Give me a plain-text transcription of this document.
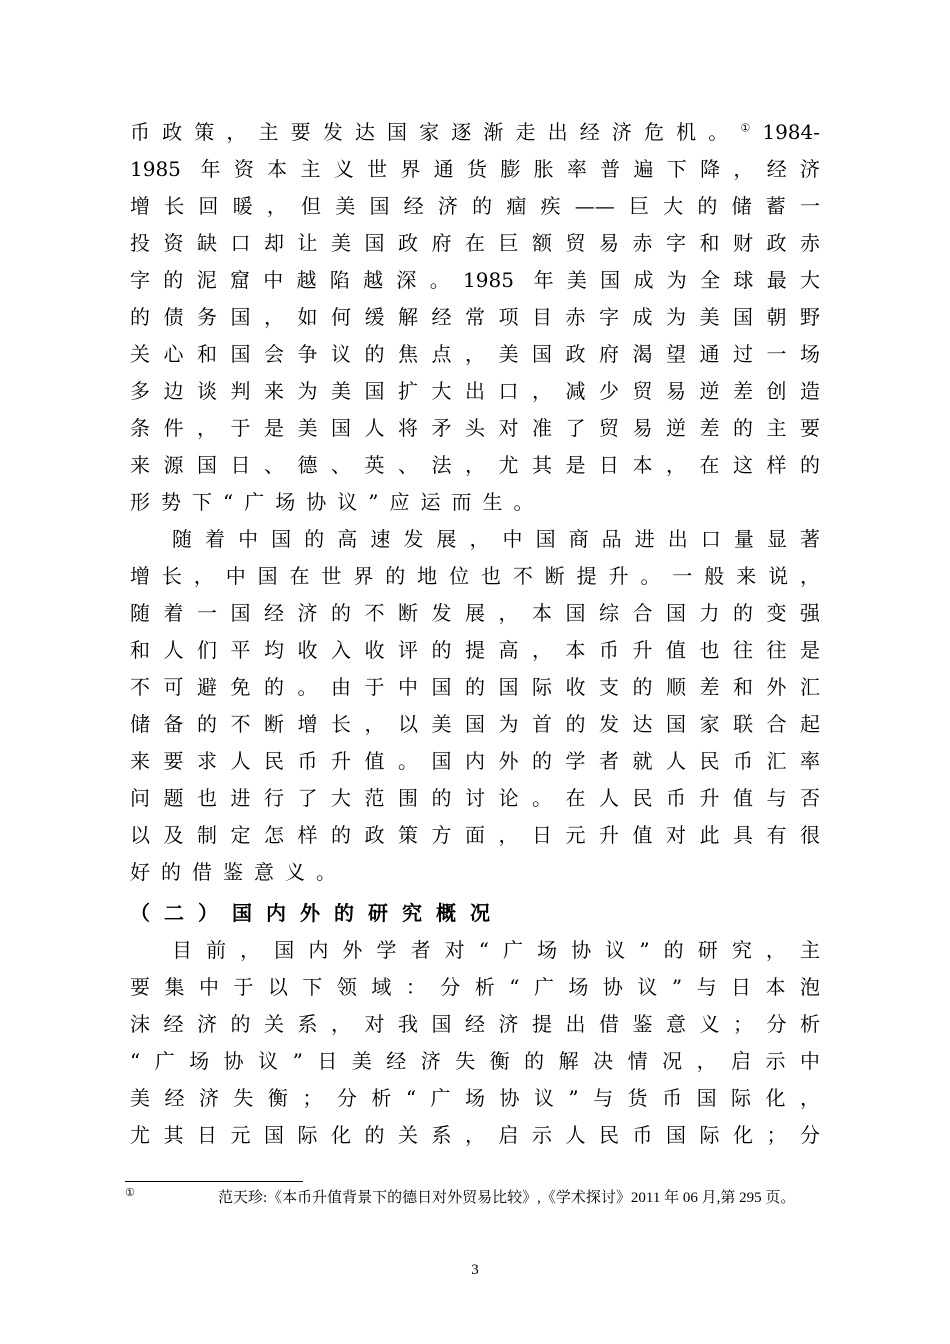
币政策，主要发达国家逐渐走出经济危机。①1984-
1985 年资本主义世界通货膨胀率普遍下降，经济
增长回暖，但美国经济的痼疾——巨大的储蓄一
投资缺口却让美国政府在巨额贸易赤字和财政赤
字的泥窟中越陷越深。1985 年美国成为全球最大
的债务国，如何缓解经常项目赤字成为美国朝野
关心和国会争议的焦点，美国政府渴望通过一场
多边谈判来为美国扩大出口，减少贸易逆差创造
条件，于是美国人将矛头对准了贸易逆差的主要
来源国日、德、英、法，尤其是日本，在这样的
形势下“广场协议”应运而生。
随着中国的高速发展，中国商品进出口量显著
增长，中国在世界的地位也不断提升。一般来说，
随着一国经济的不断发展，本国综合国力的变强
和人们平均收入收评的提高，本币升值也往往是
不可避免的。由于中国的国际收支的顺差和外汇
储备的不断增长，以美国为首的发达国家联合起
来要求人民币升值。国内外的学者就人民币汇率
问题也进行了大范围的讨论。在人民币升值与否
以及制定怎样的政策方面，日元升值对此具有很
好的借鉴意义。
（二）国内外的研究概况
目前，国内外学者对“广场协议”的研究，主
要集中于以下领域：分析“广场协议”与日本泡
沫经济的关系，对我国经济提出借鉴意义；分析
“广场协议”日美经济失衡的解决情况，启示中
美经济失衡；分析“广场协议”与货币国际化，
尤其日元国际化的关系，启示人民币国际化；分
①	范天珍:《本币升值背景下的德日对外贸易比较》,《学术探讨》2011 年 06 月,第 295 页。
3
